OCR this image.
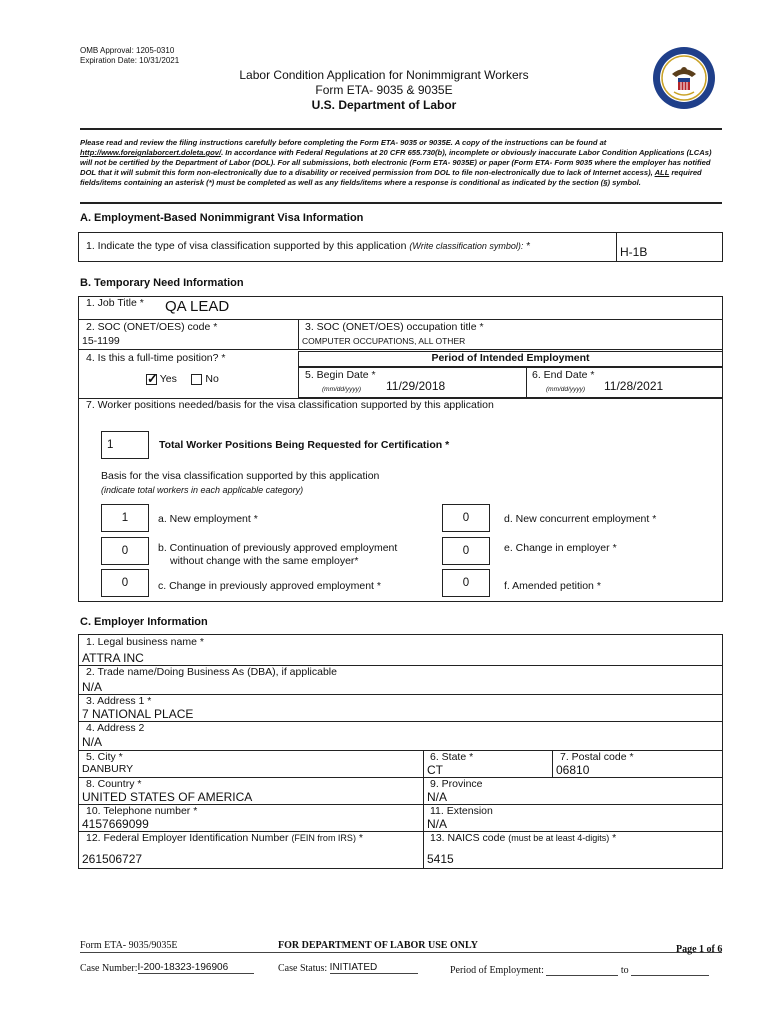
OMB Approval: 1205-0310
Expiration Date: 10/31/2021
Labor Condition Application for Nonimmigrant Workers
Form ETA- 9035 & 9035E
U.S. Department of Labor
Please read and review the filing instructions carefully before completing the Form ETA- 9035 or 9035E. A copy of the instructions can be found at http://www.foreignlaborcert.doleta.gov/. In accordance with Federal Regulations at 20 CFR 655.730(b), incomplete or obviously inaccurate Labor Condition Applications (LCAs) will not be certified by the Department of Labor (DOL). For all submissions, both electronic (Form ETA- 9035E) or paper (Form ETA- Form 9035 where the employer has notified DOL that it will submit this form non-electronically due to a disability or received permission from DOL to file non-electronically due to lack of Internet access), ALL required fields/items containing an asterisk (*) must be completed as well as any fields/items where a response is conditional as indicated by the section (§) symbol.
A. Employment-Based Nonimmigrant Visa Information
1. Indicate the type of visa classification supported by this application (Write classification symbol): *	H-1B
B. Temporary Need Information
1. Job Title * QA LEAD
2. SOC (ONET/OES) code *
15-1199
3. SOC (ONET/OES) occupation title *
COMPUTER OCCUPATIONS, ALL OTHER
4. Is this a full-time position? *
✓ Yes	No
Period of Intended Employment
5. Begin Date *
(mm/dd/yyyy) 11/29/2018
6. End Date *
(mm/dd/yyyy) 11/28/2021
7. Worker positions needed/basis for the visa classification supported by this application
1	Total Worker Positions Being Requested for Certification *
Basis for the visa classification supported by this application
(indicate total workers in each applicable category)
1	a. New employment *
0	b. Continuation of previously approved employment
without change with the same employer*
0	c. Change in previously approved employment *
0	d. New concurrent employment *
0	e. Change in employer *
0	f. Amended petition *
C. Employer Information
1. Legal business name *
ATTRA INC
2. Trade name/Doing Business As (DBA), if applicable
N/A
3. Address 1 *
7 NATIONAL PLACE
4. Address 2
N/A
5. City *
DANBURY
6. State *
CT
7. Postal code *
06810
8. Country *
UNITED STATES OF AMERICA
9. Province
N/A
10. Telephone number *
4157669099
11. Extension
N/A
12. Federal Employer Identification Number (FEIN from IRS) *
261506727
13. NAICS code (must be at least 4-digits) *
5415
Form ETA- 9035/9035E	FOR DEPARTMENT OF LABOR USE ONLY	Page 1 of 6
Case Number:I-200-18323-196906	Case Status: INITIATED	Period of Employment:	to
